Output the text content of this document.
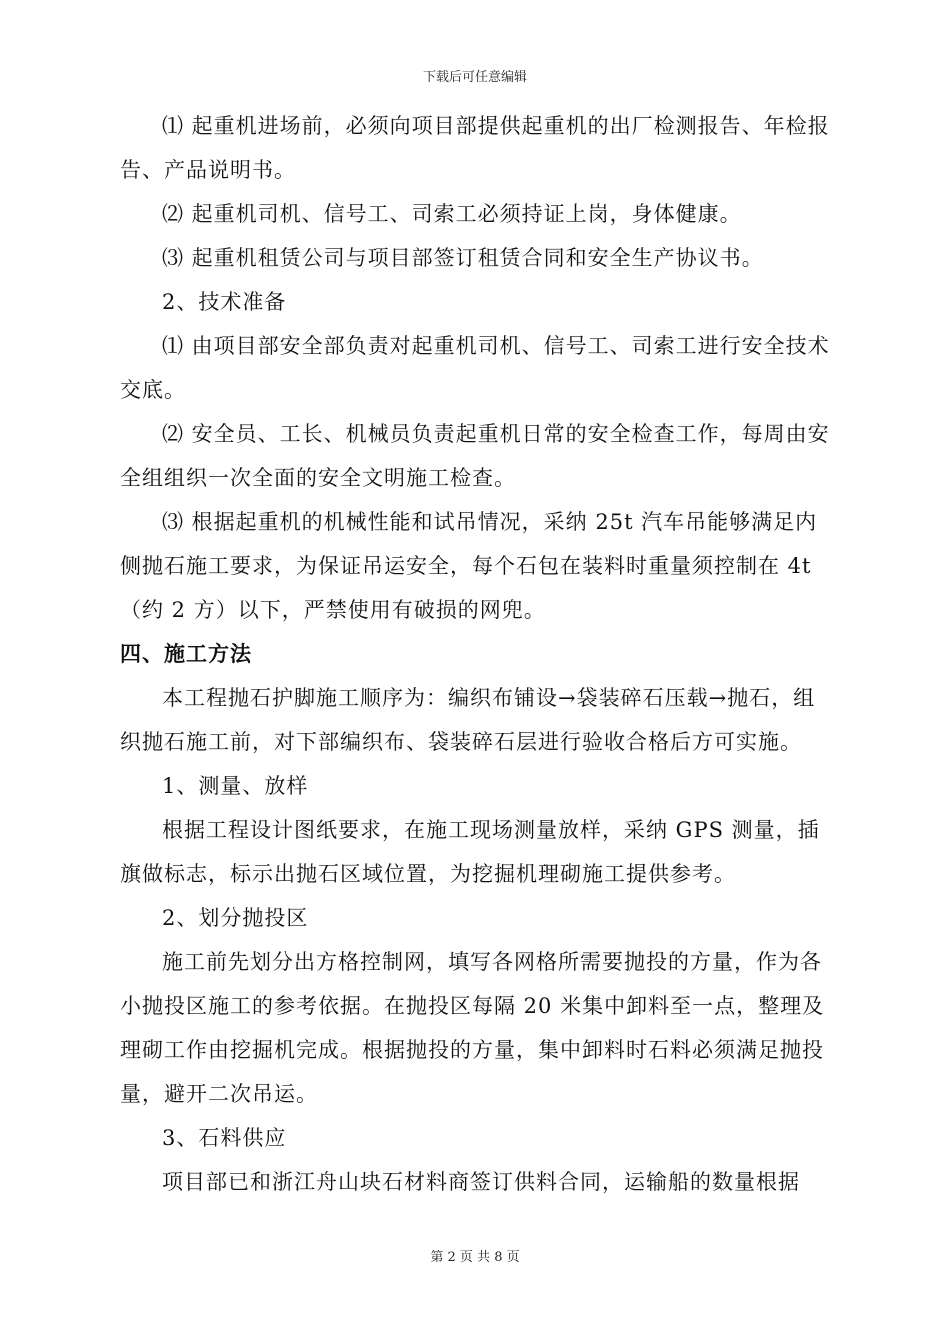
下载后可任意编辑

⑴ 起重机进场前，必须向项目部提供起重机的出厂检测报告、年检报告、产品说明书。

⑵ 起重机司机、信号工、司索工必须持证上岗，身体健康。

⑶ 起重机租赁公司与项目部签订租赁合同和安全生产协议书。

2、技术准备

⑴ 由项目部安全部负责对起重机司机、信号工、司索工进行安全技术交底。

⑵ 安全员、工长、机械员负责起重机日常的安全检查工作，每周由安全组组织一次全面的安全文明施工检查。

⑶ 根据起重机的机械性能和试吊情况，采纳 25t 汽车吊能够满足内侧抛石施工要求，为保证吊运安全，每个石包在装料时重量须控制在 4t（约 2 方）以下，严禁使用有破损的网兜。

四、施工方法

本工程抛石护脚施工顺序为：编织布铺设→袋装碎石压载→抛石，组织抛石施工前，对下部编织布、袋装碎石层进行验收合格后方可实施。

1、测量、放样

根据工程设计图纸要求，在施工现场测量放样，采纳 GPS 测量，插旗做标志，标示出抛石区域位置，为挖掘机理砌施工提供参考。

2、划分抛投区

施工前先划分出方格控制网，填写各网格所需要抛投的方量，作为各小抛投区施工的参考依据。在抛投区每隔 20 米集中卸料至一点，整理及理砌工作由挖掘机完成。根据抛投的方量，集中卸料时石料必须满足抛投量，避开二次吊运。

3、石料供应

项目部已和浙江舟山块石材料商签订供料合同，运输船的数量根据

第 2 页 共 8 页
